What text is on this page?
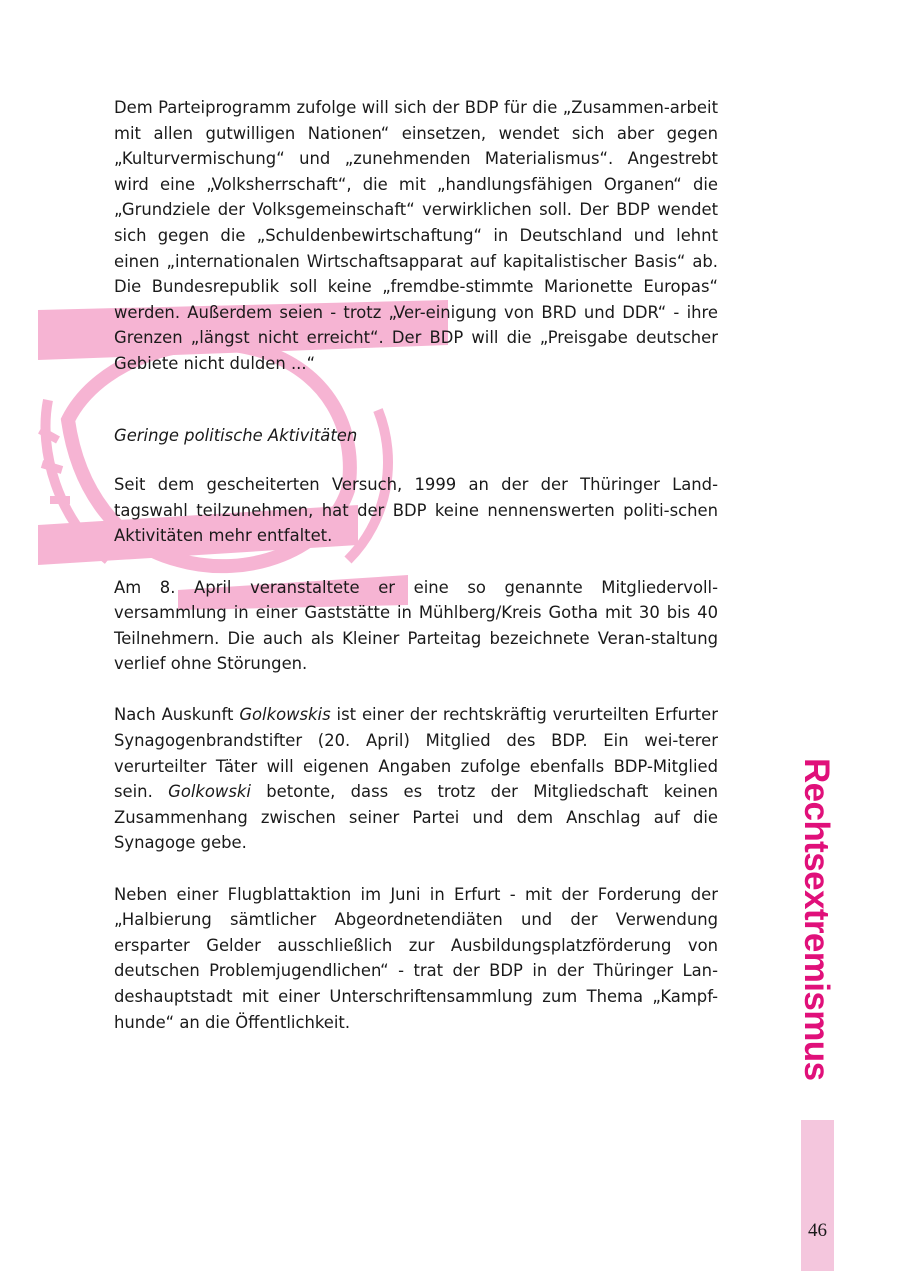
Dem Parteiprogramm zufolge will sich der BDP für die „Zusammen-arbeit mit allen gutwilligen Nationen“ einsetzen, wendet sich aber gegen „Kulturvermischung“ und „zunehmenden Materialismus“. Angestrebt wird eine „Volksherrschaft“, die mit „handlungsfähigen Organen“ die „Grundziele der Volksgemeinschaft“ verwirklichen soll. Der BDP wendet sich gegen die „Schuldenbewirtschaftung“ in Deutschland und lehnt einen „internationalen Wirtschaftsapparat auf kapitalistischer Basis“ ab. Die Bundesrepublik soll keine „fremdbe-stimmte Marionette Europas“ werden. Außerdem seien - trotz „Ver-einigung von BRD und DDR“ - ihre Grenzen „längst nicht erreicht“. Der BDP will die „Preisgabe deutscher Gebiete nicht dulden ...“

Geringe politische Aktivitäten

Seit dem gescheiterten Versuch, 1999 an der der Thüringer Land-tagswahl teilzunehmen, hat der BDP keine nennenswerten politi-schen Aktivitäten mehr entfaltet.

Am 8. April veranstaltete er eine so genannte Mitgliedervoll-versammlung in einer Gaststätte in Mühlberg/Kreis Gotha mit 30 bis 40 Teilnehmern. Die auch als Kleiner Parteitag bezeichnete Veran-staltung verlief ohne Störungen.

Nach Auskunft Golkowskis ist einer der rechtskräftig verurteilten Erfurter Synagogenbrandstifter (20. April) Mitglied des BDP. Ein wei-terer verurteilter Täter will eigenen Angaben zufolge ebenfalls BDP-Mitglied sein. Golkowski betonte, dass es trotz der Mitgliedschaft keinen Zusammenhang zwischen seiner Partei und dem Anschlag auf die Synagoge gebe.

Neben einer Flugblattaktion im Juni in Erfurt - mit der Forderung der „Halbierung sämtlicher Abgeordnetendiäten und der Verwendung ersparter Gelder ausschließlich zur Ausbildungsplatzförderung von deutschen Problemjugendlichen“ - trat der BDP in der Thüringer Lan-deshauptstadt mit einer Unterschriftensammlung zum Thema „Kampf-hunde“ an die Öffentlichkeit.	Rechtsextremismus
46
